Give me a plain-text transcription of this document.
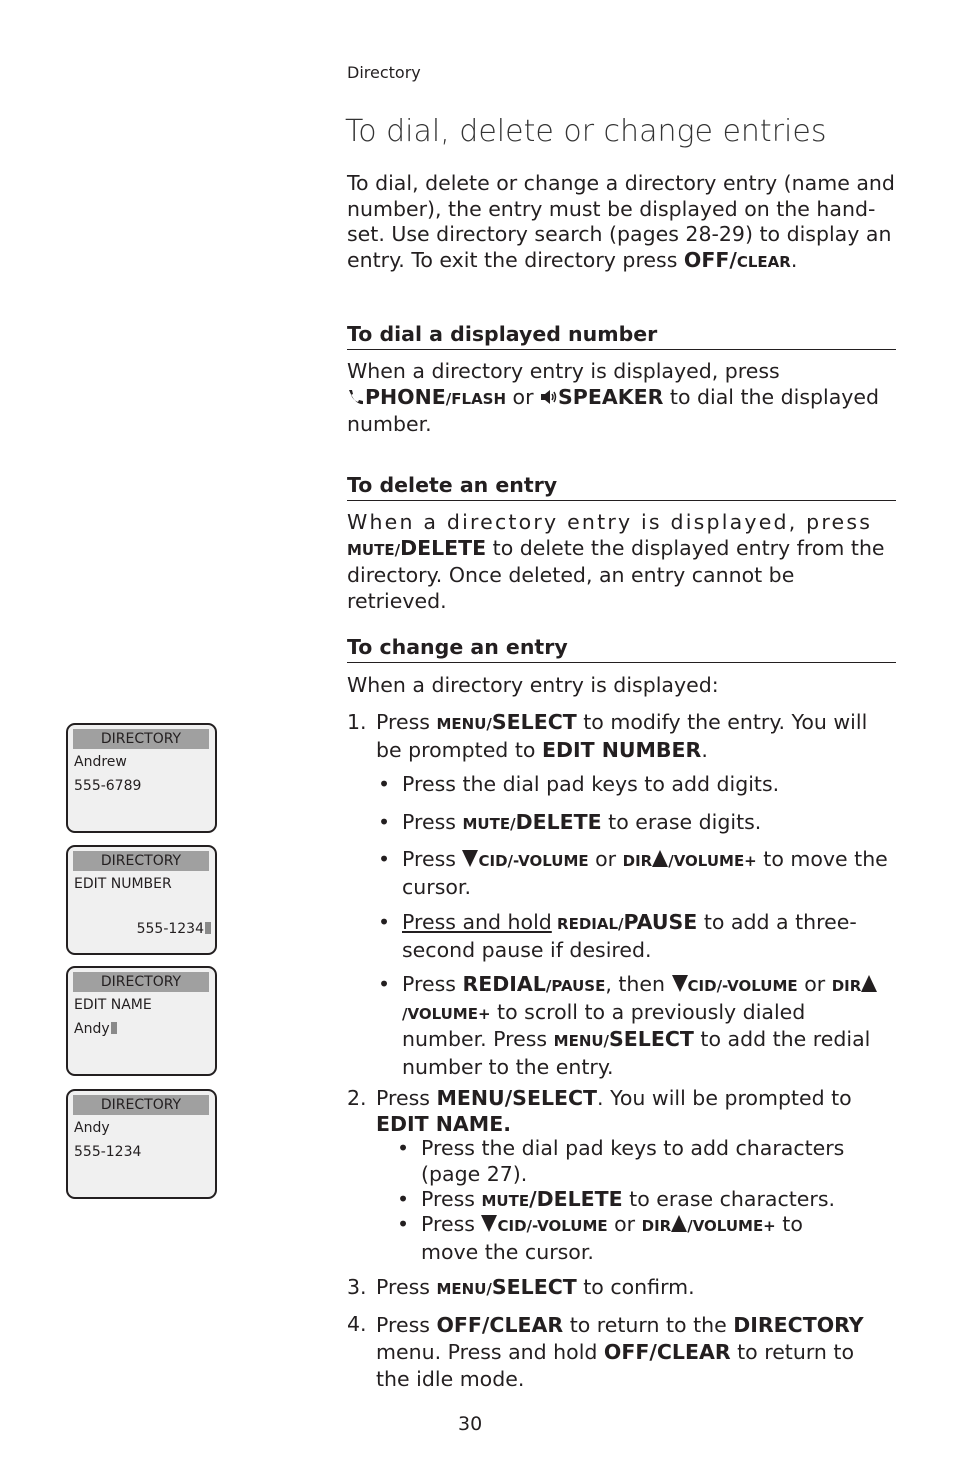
Directory
To dial, delete or change entries
To dial, delete or change a directory entry (name and number), the entry must be displayed on the hand-set. Use directory search (pages 28-29) to display an entry. To exit the directory press OFF/CLEAR.
To dial a displayed number
When a directory entry is displayed, press
PHONE/FLASH or SPEAKER to dial the displayed number.
To delete an entry
When a directory entry is displayed, press
MUTE/DELETE to delete the displayed entry from the directory. Once deleted, an entry cannot be retrieved.
To change an entry
When a directory entry is displayed:
1. Press MENU/SELECT to modify the entry. You will be prompted to EDIT NUMBER.
• Press the dial pad keys to add digits.
• Press MUTE/DELETE to erase digits.
• Press CID/-VOLUME or DIR /VOLUME+ to move the cursor.
• Press and hold REDIAL/PAUSE to add a three-second pause if desired.
• Press REDIAL/PAUSE, then CID/-VOLUME or DIR/VOLUME+ to scroll to a previously dialed number. Press MENU/SELECT to add the redial number to the entry.
2. Press MENU/SELECT. You will be prompted to EDIT NAME.
• Press the dial pad keys to add characters (page 27).
• Press MUTE/DELETE to erase characters.
• Press CID/-VOLUME or DIR /VOLUME+ to move the cursor.
3. Press MENU/SELECT to confirm.
4. Press OFF/CLEAR to return to the DIRECTORY menu. Press and hold OFF/CLEAR to return to the idle mode.
DIRECTORY
Andrew
555-6789
DIRECTORY
EDIT NUMBER
555-1234
DIRECTORY
EDIT NAME
Andy
DIRECTORY
Andy
555-1234
30
